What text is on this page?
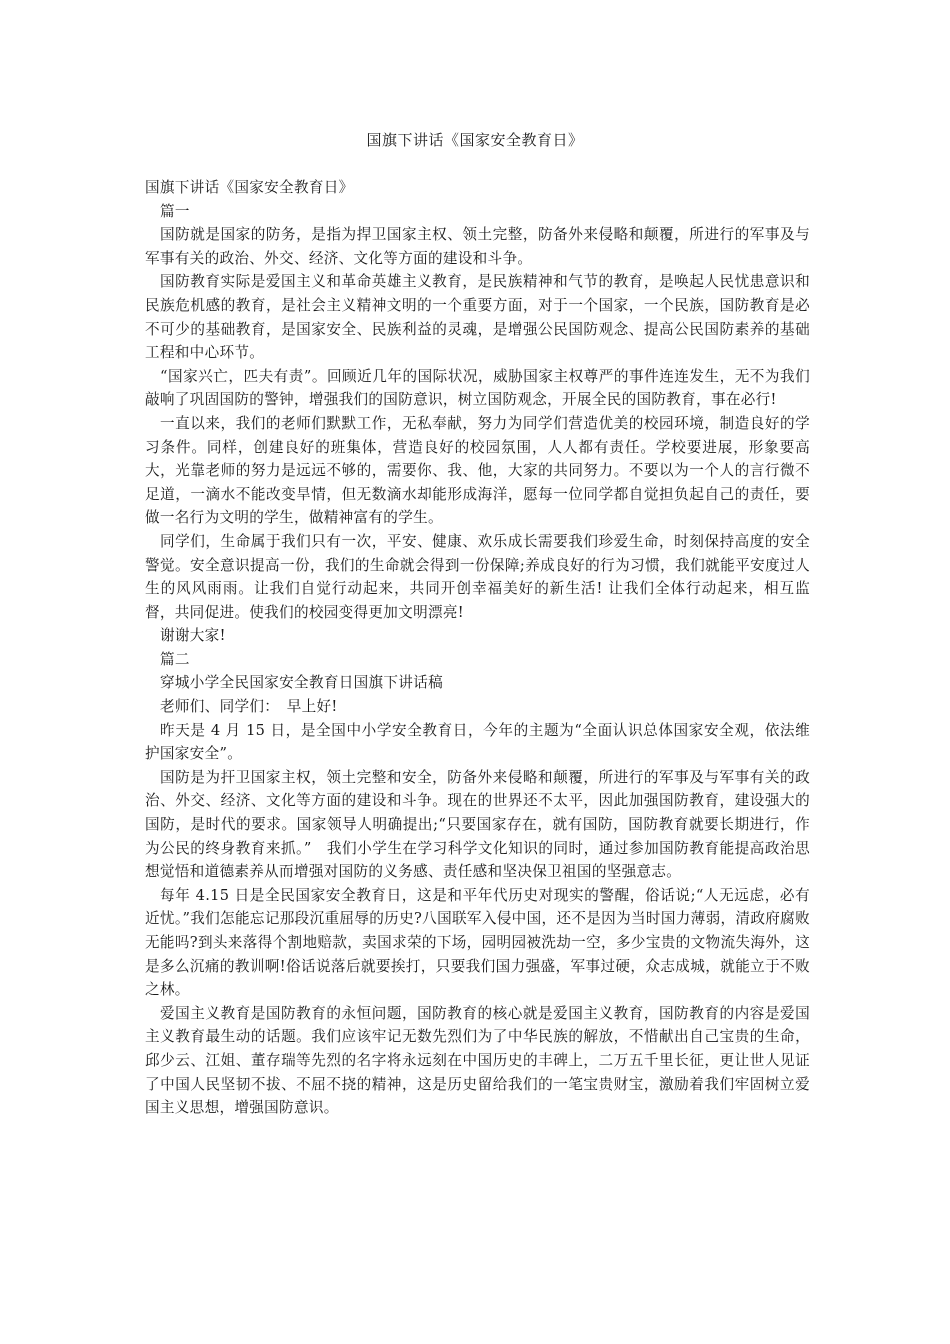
国旗下讲话《国家安全教育日》

国旗下讲话《国家安全教育日》

篇一

国防就是国家的防务，是指为捍卫国家主权、领土完整，防备外来侵略和颠覆，所进行的军事及与军事有关的政治、外交、经济、文化等方面的建设和斗争。

国防教育实际是爱国主义和革命英雄主义教育，是民族精神和气节的教育，是唤起人民忧患意识和民族危机感的教育，是社会主义精神文明的一个重要方面，对于一个国家，一个民族，国防教育是必不可少的基础教育，是国家安全、民族利益的灵魂，是增强公民国防观念、提高公民国防素养的基础工程和中心环节。

“国家兴亡，匹夫有责”。回顾近几年的国际状况，威胁国家主权尊严的事件连连发生，无不为我们敲响了巩固国防的警钟，增强我们的国防意识，树立国防观念，开展全民的国防教育，事在必行!

一直以来，我们的老师们默默工作，无私奉献，努力为同学们营造优美的校园环境，制造良好的学习条件。同样，创建良好的班集体，营造良好的校园氛围，人人都有责任。学校要进展，形象要高大，光靠老师的努力是远远不够的，需要你、我、他，大家的共同努力。不要以为一个人的言行微不足道，一滴水不能改变旱情，但无数滴水却能形成海洋，愿每一位同学都自觉担负起自己的责任，要做一名行为文明的学生，做精神富有的学生。

同学们，生命属于我们只有一次，平安、健康、欢乐成长需要我们珍爱生命，时刻保持高度的安全警觉。安全意识提高一份，我们的生命就会得到一份保障;养成良好的行为习惯，我们就能平安度过人生的风风雨雨。让我们自觉行动起来，共同开创幸福美好的新生活! 让我们全体行动起来，相互监督，共同促进。使我们的校园变得更加文明漂亮!

谢谢大家!

篇二

穿城小学全民国家安全教育日国旗下讲话稿

老师们、同学们：　早上好!

昨天是 4 月 15 日，是全国中小学安全教育日，今年的主题为“全面认识总体国家安全观，依法维护国家安全”。

国防是为扞卫国家主权，领土完整和安全，防备外来侵略和颠覆，所进行的军事及与军事有关的政治、外交、经济、文化等方面的建设和斗争。现在的世界还不太平，因此加强国防教育，建设强大的国防，是时代的要求。国家领导人明确提出;“只要国家存在，就有国防，国防教育就要长期进行，作为公民的终身教育来抓。”　我们小学生在学习科学文化知识的同时，通过参加国防教育能提高政治思想觉悟和道德素养从而增强对国防的义务感、责任感和坚决保卫祖国的坚强意志。

每年 4.15 日是全民国家安全教育日，这是和平年代历史对现实的警醒，俗话说;“人无远虑，必有近忧。”我们怎能忘记那段沉重屈辱的历史?八国联军入侵中国，还不是因为当时国力薄弱，清政府腐败无能吗?到头来落得个割地赔款，卖国求荣的下场，园明园被洗劫一空，多少宝贵的文物流失海外，这是多么沉痛的教训啊!俗话说落后就要挨打，只要我们国力强盛，军事过硬，众志成城，就能立于不败之林。

爱国主义教育是国防教育的永恒问题，国防教育的核心就是爱国主义教育，国防教育的内容是爱国主义教育最生动的话题。我们应该牢记无数先烈们为了中华民族的解放，不惜献出自己宝贵的生命，邱少云、江姐、董存瑞等先烈的名字将永远刻在中国历史的丰碑上，二万五千里长征，更让世人见证了中国人民坚韧不拔、不屈不挠的精神，这是历史留给我们的一笔宝贵财宝，激励着我们牢固树立爱国主义思想，增强国防意识。
